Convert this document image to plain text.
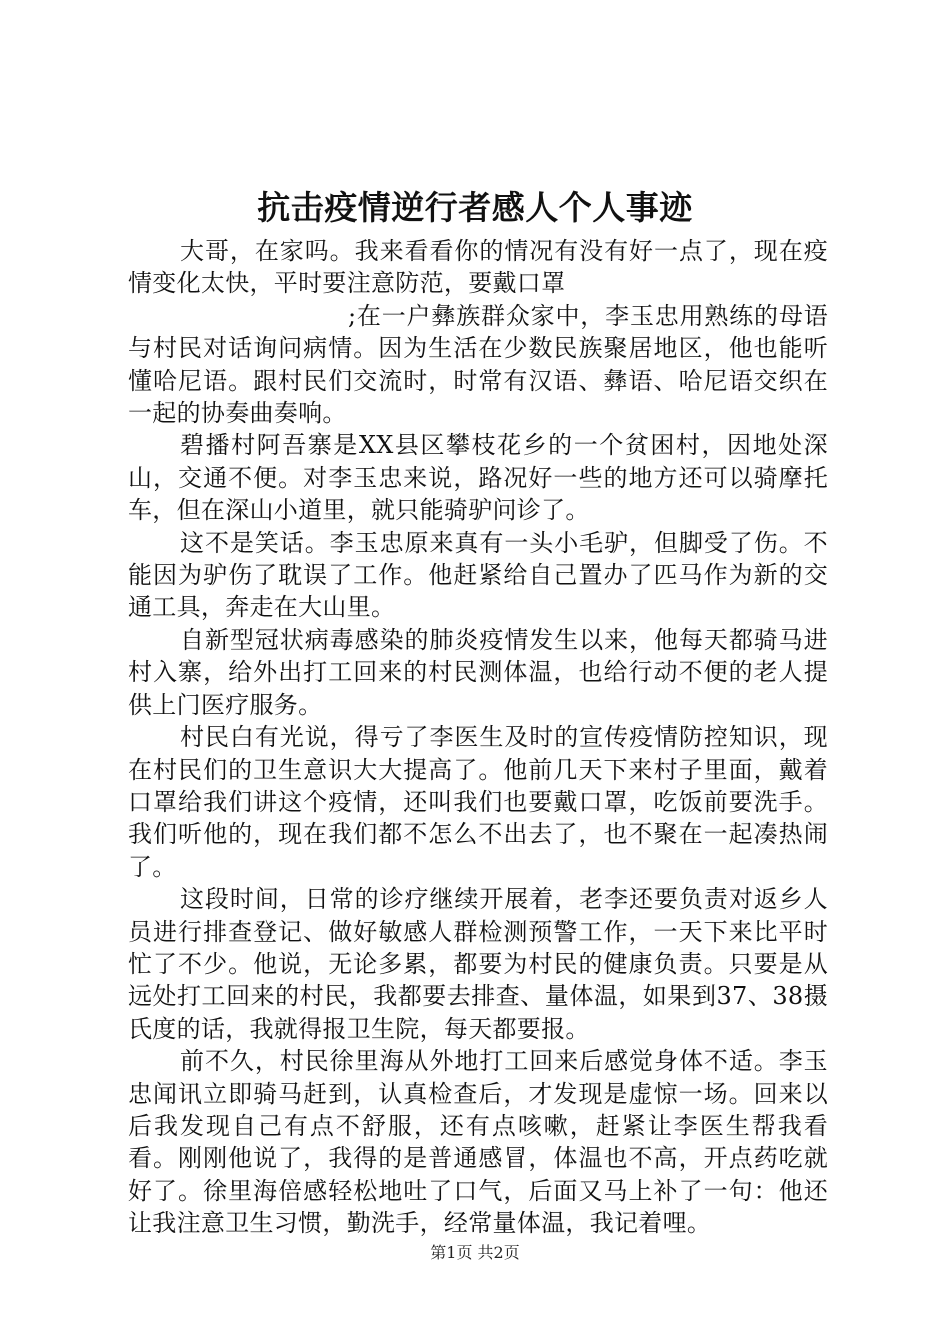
抗击疫情逆行者感人个人事迹

大哥，在家吗。我来看看你的情况有没有好一点了，现在疫情变化太快，平时要注意防范，要戴口罩

;在一户彝族群众家中，李玉忠用熟练的母语与村民对话询问病情。因为生活在少数民族聚居地区，他也能听懂哈尼语。跟村民们交流时，时常有汉语、彝语、哈尼语交织在一起的协奏曲奏响。

碧播村阿吾寨是XX县区攀枝花乡的一个贫困村，因地处深山，交通不便。对李玉忠来说，路况好一些的地方还可以骑摩托车，但在深山小道里，就只能骑驴问诊了。

这不是笑话。李玉忠原来真有一头小毛驴，但脚受了伤。不能因为驴伤了耽误了工作。他赶紧给自己置办了匹马作为新的交通工具，奔走在大山里。

自新型冠状病毒感染的肺炎疫情发生以来，他每天都骑马进村入寨，给外出打工回来的村民测体温，也给行动不便的老人提供上门医疗服务。

村民白有光说，得亏了李医生及时的宣传疫情防控知识，现在村民们的卫生意识大大提高了。他前几天下来村子里面，戴着口罩给我们讲这个疫情，还叫我们也要戴口罩，吃饭前要洗手。我们听他的，现在我们都不怎么不出去了，也不聚在一起凑热闹了。

这段时间，日常的诊疗继续开展着，老李还要负责对返乡人员进行排查登记、做好敏感人群检测预警工作，一天下来比平时忙了不少。他说，无论多累，都要为村民的健康负责。只要是从远处打工回来的村民，我都要去排查、量体温，如果到37、38摄氏度的话，我就得报卫生院，每天都要报。

前不久，村民徐里海从外地打工回来后感觉身体不适。李玉忠闻讯立即骑马赶到，认真检查后，才发现是虚惊一场。回来以后我发现自己有点不舒服，还有点咳嗽，赶紧让李医生帮我看看。刚刚他说了，我得的是普通感冒，体温也不高，开点药吃就好了。徐里海倍感轻松地吐了口气，后面又马上补了一句：他还让我注意卫生习惯，勤洗手，经常量体温，我记着哩。

第1页 共2页
